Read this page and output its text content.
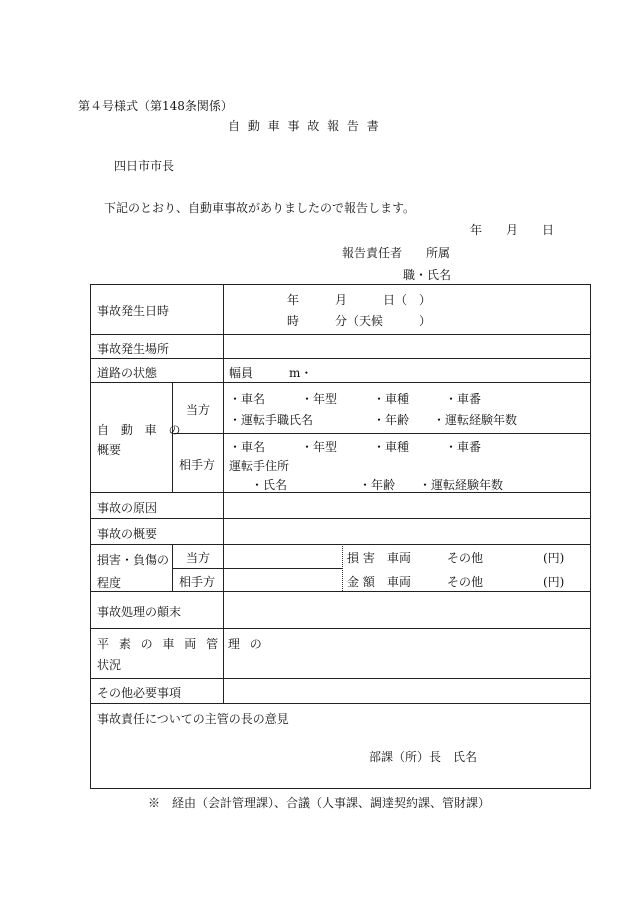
第４号様式（第148条関係）
自 動 車 事 故 報 告 書
四日市市長
下記のとおり、自動車事故がありましたので報告します。
年　　月　　日
報告責任者　　所属
職・氏名
事故発生日時
年　　　月　　　日（　）
時　　　分（天候　　　）
事故発生場所
道路の状態	幅員　　　m・
自 動 車 の
概要
当方
・車名　　　・年型　　　・車種　　　・車番
・運転手職氏名　　　　　・年齢　　・運転経験年数
相手方
・車名　　　・年型　　　・車種　　　・車番
運転手住所
・氏名　　　　　　・年齢　　・運転経験年数
事故の原因
事故の概要
損害・負傷の
程度
当方
相手方
損 害
金 額
車両　　　その他　　　　　(円)
車両　　　その他　　　　　(円)
事故処理の顛末
平 素 の 車 両 管 理 の
状況
その他必要事項
事故責任についての主管の長の意見
部課（所）長　氏名
※　経由（会計管理課）、合議（人事課、調達契約課、管財課）
